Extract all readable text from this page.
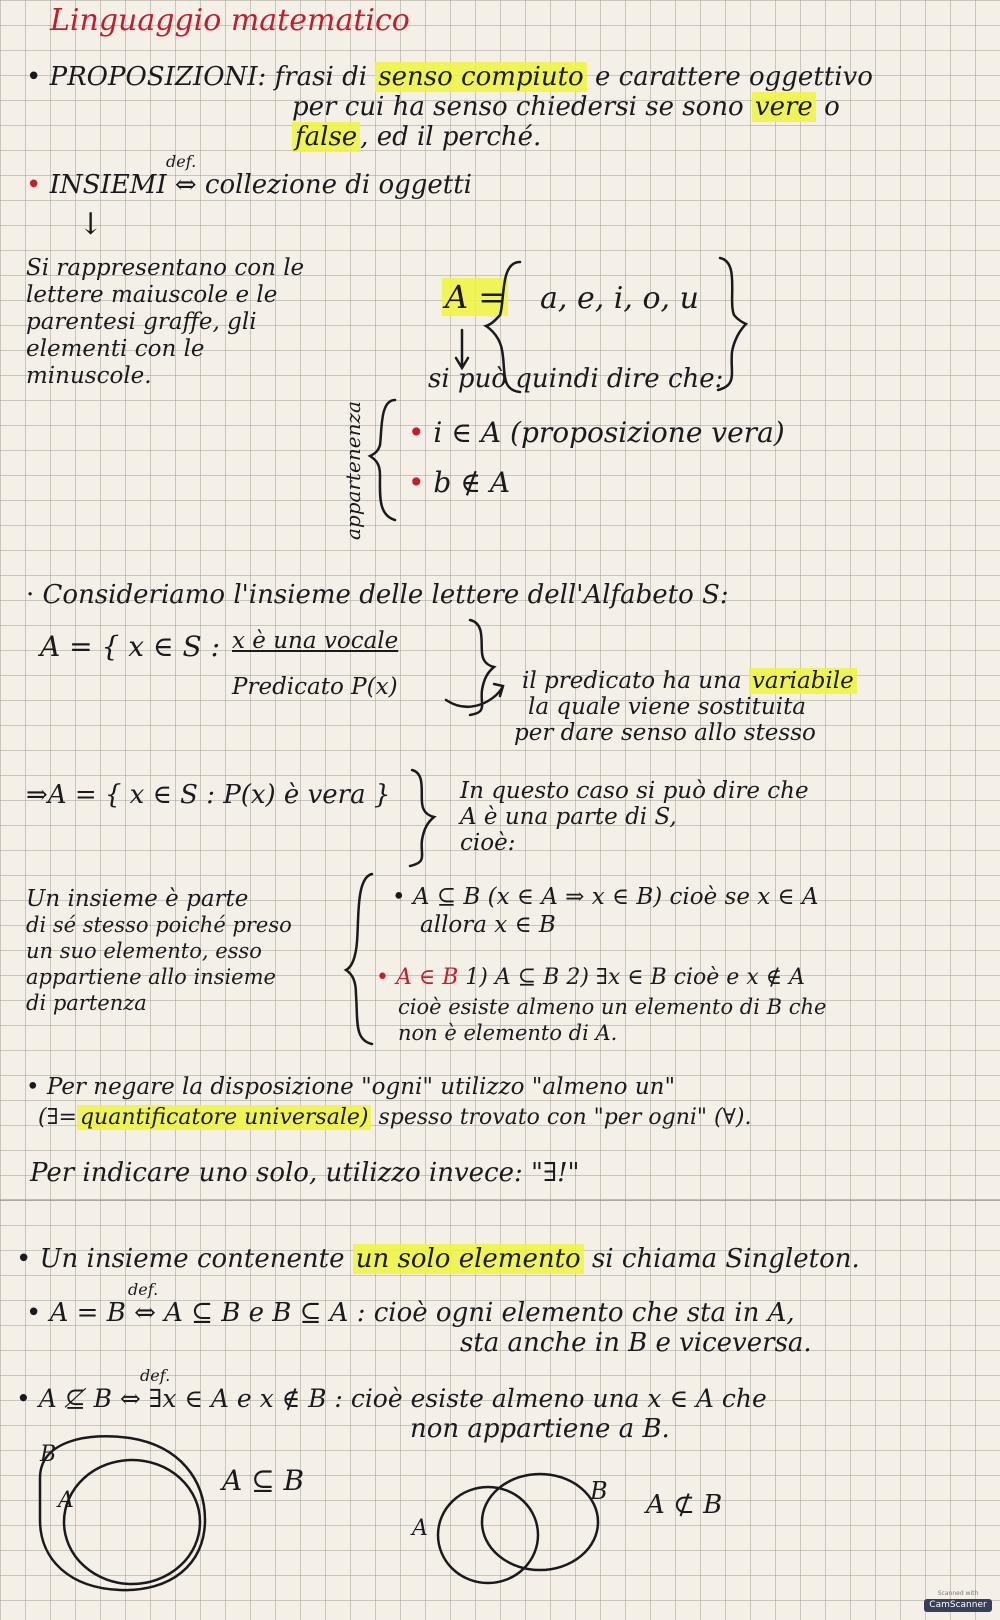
Linguaggio matematico
• PROPOSIZIONI: frasi di senso compiuto e carattere oggettivo
per cui ha senso chiedersi se sono vere o
false , ed il perché.
def.
• INSIEMI ⇔ collezione di oggetti
↓
Si rappresentano con le
lettere maiuscole e le
parentesi graffe, gli
elementi con le
minuscole.
A = a, e, i, o, u
si può quindi dire che:
appartenenza • i ∈ A (proposizione vera)
• b ∉ A
· Consideriamo l'insieme delle lettere dell'Alfabeto S:
A = { x ∈ S : x è una vocale
Predicato P(x)	il predicato ha una variabile
la quale viene sostituita
per dare senso allo stesso
⇒A = { x ∈ S : P(x) è vera }	In questo caso si può dire che
A è una parte di S,
cioè:
Un insieme è parte
di sé stesso poiché preso
un suo elemento, esso
appartiene allo insieme
di partenza
• A ⊆ B (x ∈ A ⇒ x ∈ B) cioè se x ∈ A
allora x ∈ B
• A ∈ B 1) A ⊆ B 2) ∃x ∈ B cioè e x ∉ A
cioè esiste almeno un elemento di B che
non è elemento di A.
• Per negare la disposizione "ogni" utilizzo "almeno un"
(∃= quantificatore universale) spesso trovato con "per ogni" (∀).
Per indicare uno solo, utilizzo invece: "∃!"
• Un insieme contenente un solo elemento si chiama Singleton.
def.
• A = B ⇔ A ⊆ B e B ⊆ A : cioè ogni elemento che sta in A,
sta anche in B e viceversa.
def.
• A ⊈ B ⇔ ∃x ∈ A e x ∉ B : cioè esiste almeno una x ∈ A che
non appartiene a B.
B
A
A ⊆ B
A
B A ⊄ B
Scanned with
CamScanner
